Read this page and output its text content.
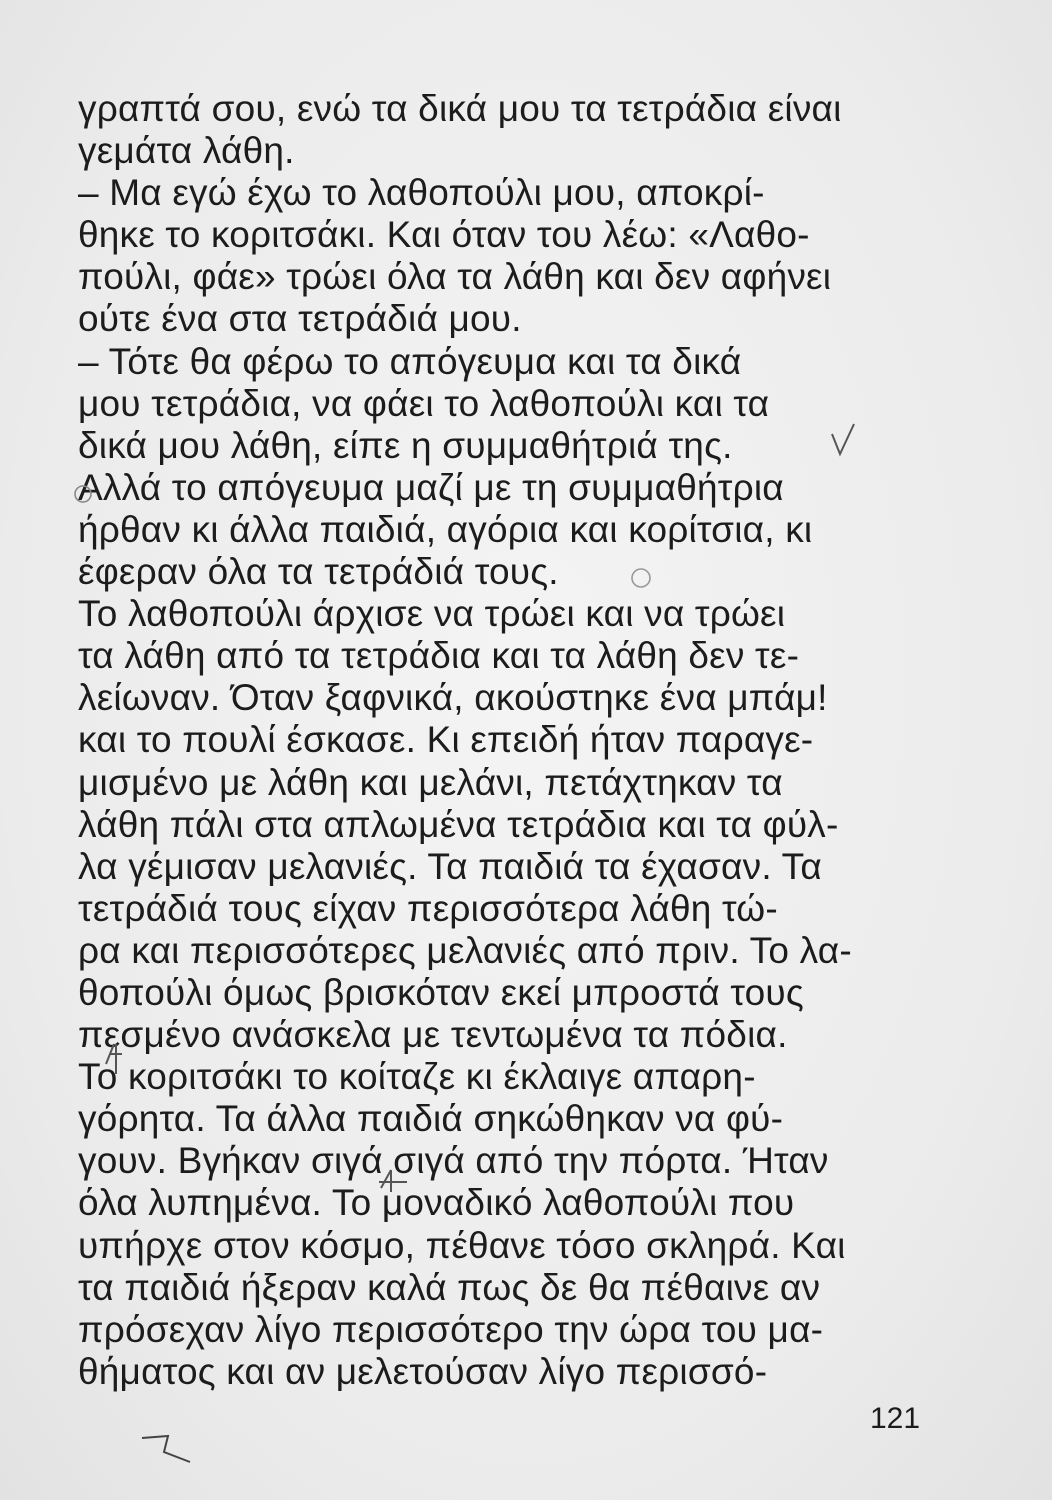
γραπτά σου, ενώ τα δικά μου τα τετράδια είναι
γεμάτα λάθη.
– Μα εγώ έχω το λαθοπούλι μου, αποκρί-
θηκε το κοριτσάκι. Και όταν του λέω: «Λαθο-
πούλι, φάε» τρώει όλα τα λάθη και δεν αφήνει
ούτε ένα στα τετράδιά μου.
– Τότε θα φέρω το απόγευμα και τα δικά
μου τετράδια, να φάει το λαθοπούλι και τα
δικά μου λάθη, είπε η συμμαθήτριά της.
Αλλά το απόγευμα μαζί με τη συμμαθήτρια
ήρθαν κι άλλα παιδιά, αγόρια και κορίτσια, κι
έφεραν όλα τα τετράδιά τους.
Το λαθοπούλι άρχισε να τρώει και να τρώει
τα λάθη από τα τετράδια και τα λάθη δεν τε-
λείωναν. Όταν ξαφνικά, ακούστηκε ένα μπάμ!
και το πουλί έσκασε. Κι επειδή ήταν παραγε-
μισμένο με λάθη και μελάνι, πετάχτηκαν τα
λάθη πάλι στα απλωμένα τετράδια και τα φύλ-
λα γέμισαν μελανιές. Τα παιδιά τα έχασαν. Τα
τετράδιά τους είχαν περισσότερα λάθη τώ-
ρα και περισσότερες μελανιές από πριν. Το λα-
θοπούλι όμως βρισκόταν εκεί μπροστά τους
πεσμένο ανάσκελα με τεντωμένα τα πόδια.
Το κοριτσάκι το κοίταζε κι έκλαιγε απαρη-
γόρητα. Τα άλλα παιδιά σηκώθηκαν να φύ-
γουν. Βγήκαν σιγά σιγά από την πόρτα. Ήταν
όλα λυπημένα. Το μοναδικό λαθοπούλι που
υπήρχε στον κόσμο, πέθανε τόσο σκληρά. Και
τα παιδιά ήξεραν καλά πως δε θα πέθαινε αν
πρόσεχαν λίγο περισσότερο την ώρα του μα-
θήματος και αν μελετούσαν λίγο περισσό-
121
